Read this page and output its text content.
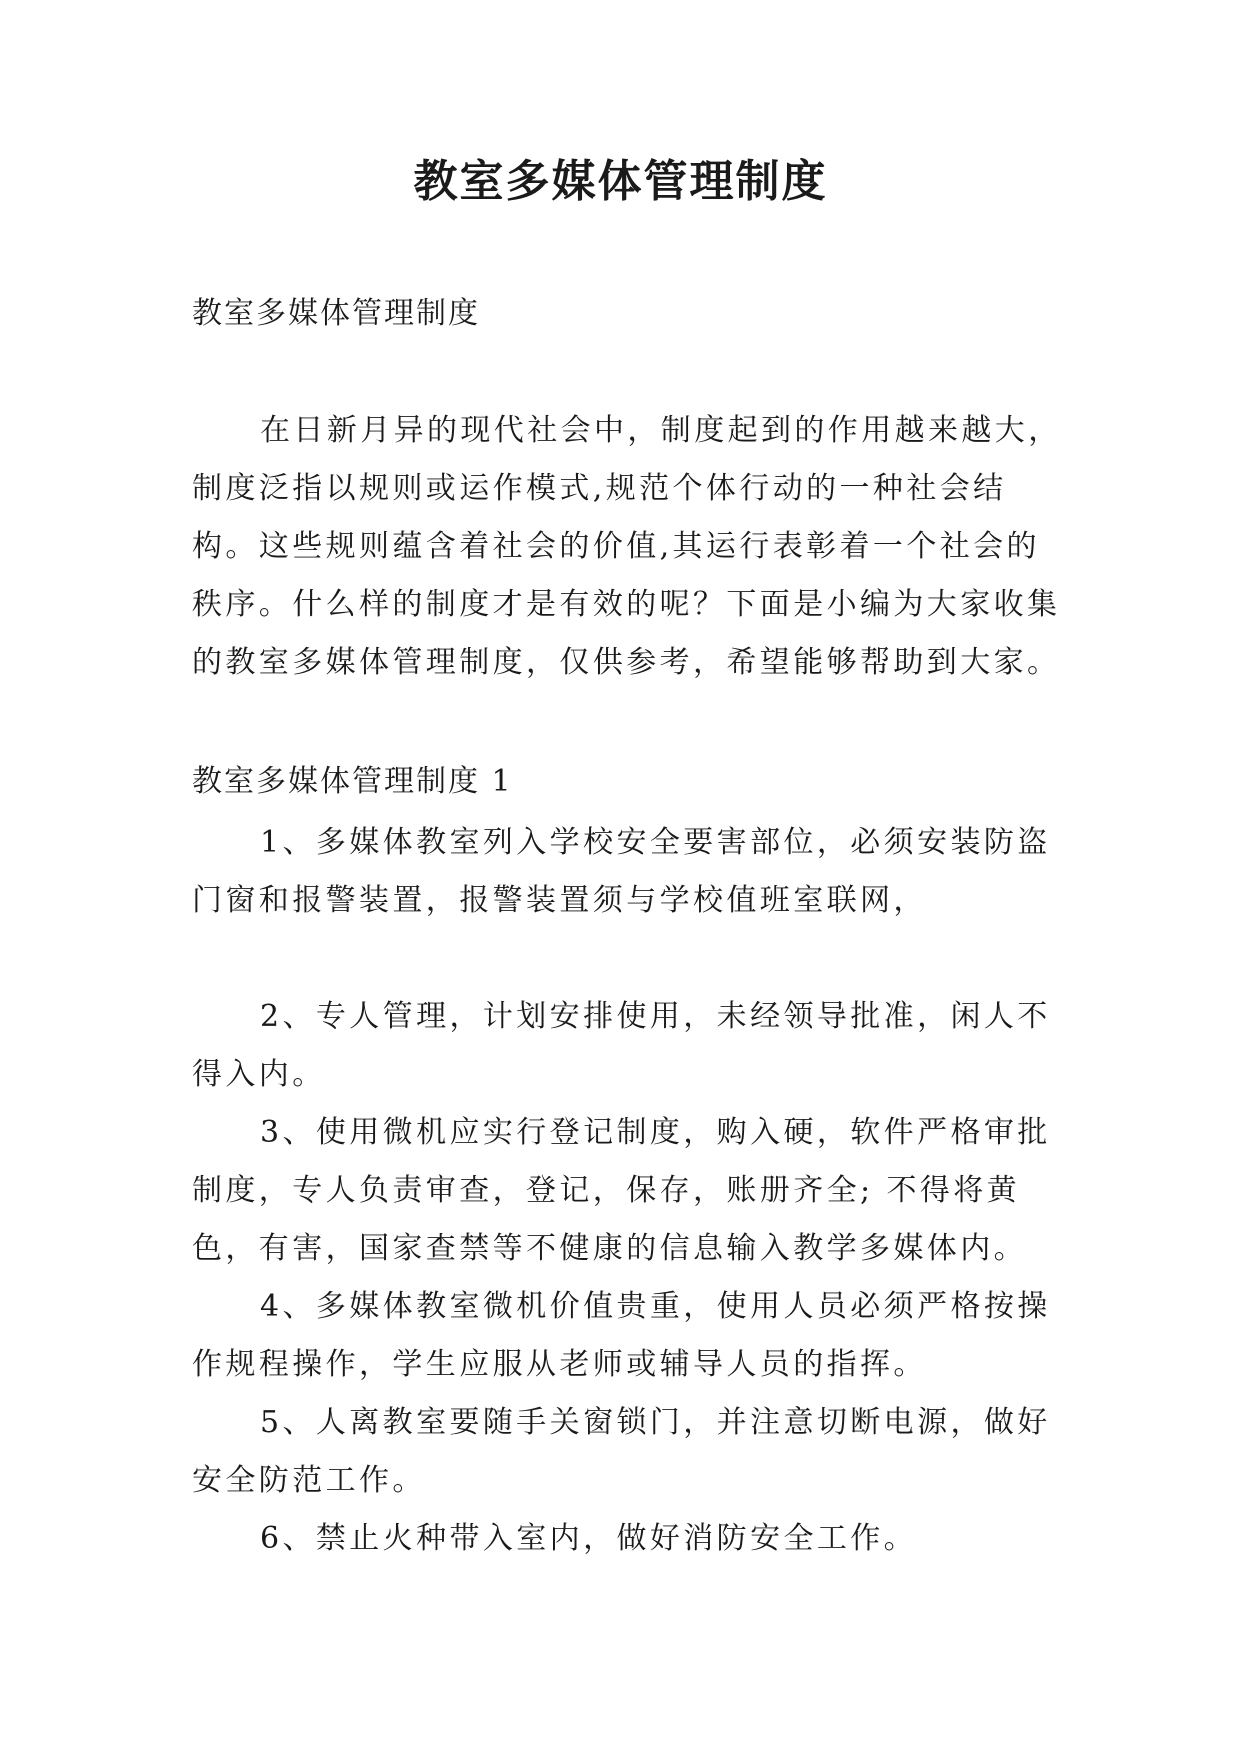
教室多媒体管理制度
教室多媒体管理制度

在日新月异的现代社会中，制度起到的作用越来越大，制度泛指以规则或运作模式,规范个体行动的一种社会结构。这些规则蕴含着社会的价值,其运行表彰着一个社会的秩序。什么样的制度才是有效的呢？下面是小编为大家收集的教室多媒体管理制度，仅供参考，希望能够帮助到大家。

教室多媒体管理制度 1

1、多媒体教室列入学校安全要害部位，必须安装防盗门窗和报警装置，报警装置须与学校值班室联网，

2、专人管理，计划安排使用，未经领导批准，闲人不得入内。

3、使用微机应实行登记制度，购入硬，软件严格审批制度，专人负责审查，登记，保存，账册齐全; 不得将黄色，有害，国家查禁等不健康的信息输入教学多媒体内。

4、多媒体教室微机价值贵重，使用人员必须严格按操作规程操作，学生应服从老师或辅导人员的指挥。

5、人离教室要随手关窗锁门，并注意切断电源，做好安全防范工作。

6、禁止火种带入室内，做好消防安全工作。
